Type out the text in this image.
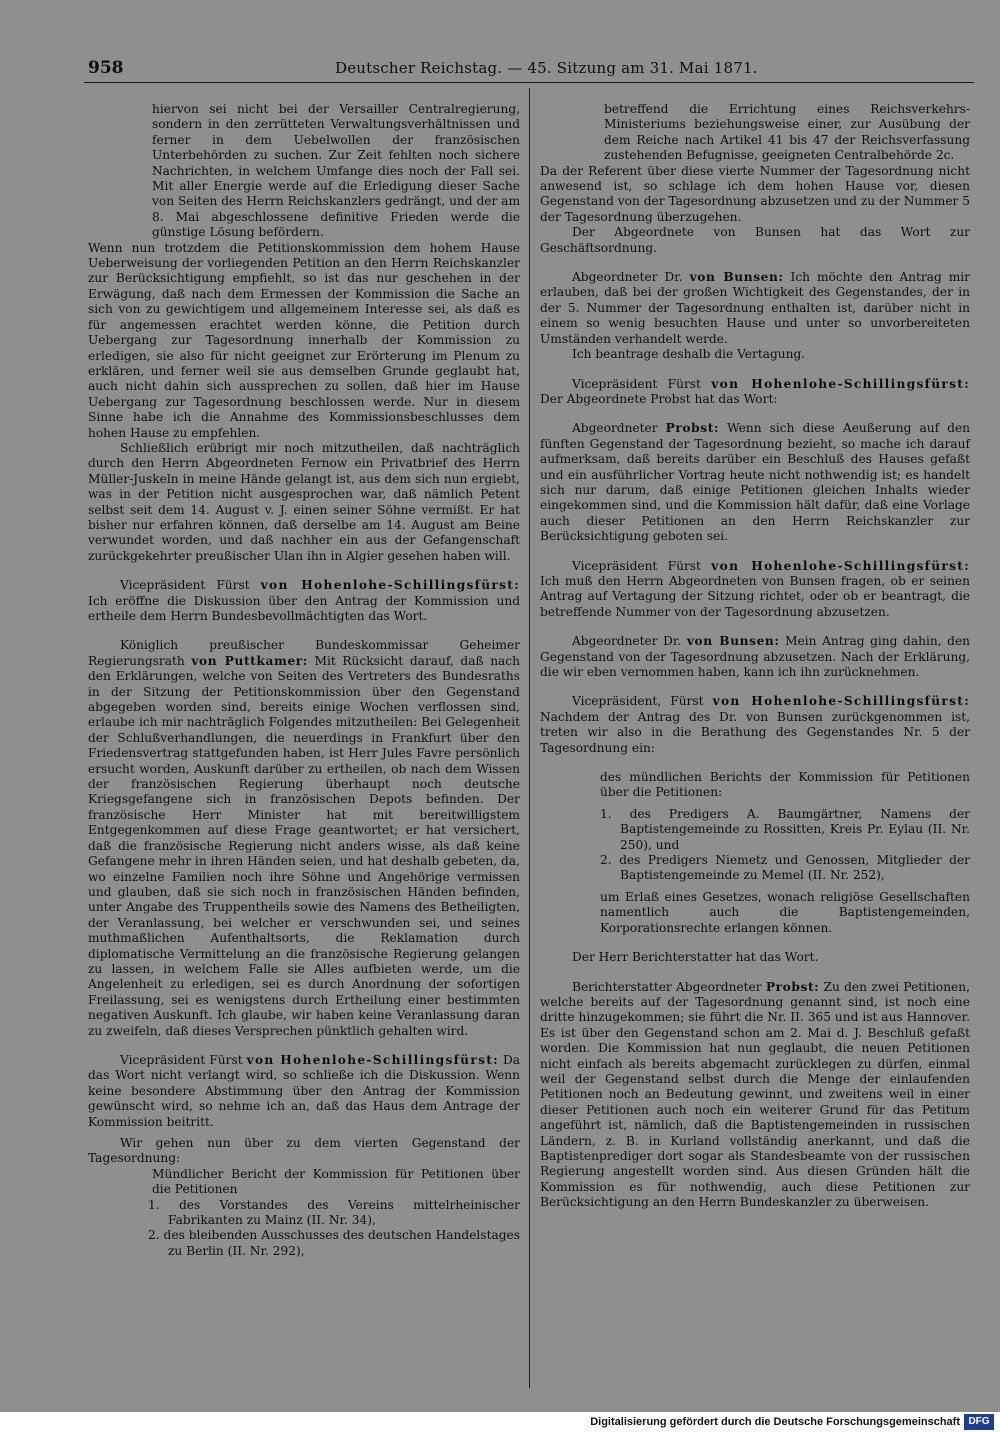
958	Deutscher Reichstag. — 45. Sitzung am 31. Mai 1871.

hiervon sei nicht bei der Versailler Centralregierung, sondern in den zerrütteten Verwaltungsverhältnissen und ferner in dem Uebelwollen der französischen Unterbehörden zu suchen. Zur Zeit fehlten noch sichere Nachrichten, in welchem Umfange dies noch der Fall sei. Mit aller Energie werde auf die Erledigung dieser Sache von Seiten des Herrn Reichskanzlers gedrängt, und der am 8. Mai abgeschlossene definitive Frieden werde die günstige Lösung befördern.

Wenn nun trotzdem die Petitionskommission dem hohem Hause Ueberweisung der vorliegenden Petition an den Herrn Reichskanzler zur Berücksichtigung empfiehlt, so ist das nur geschehen in der Erwägung, daß nach dem Ermessen der Kommission die Sache an sich von zu gewichtigem und allgemeinem Interesse sei, als daß es für angemessen erachtet werden könne, die Petition durch Uebergang zur Tagesordnung innerhalb der Kommission zu erledigen, sie also für nicht geeignet zur Erörterung im Plenum zu erklären, und ferner weil sie aus demselben Grunde geglaubt hat, auch nicht dahin sich aussprechen zu sollen, daß hier im Hause Uebergang zur Tagesordnung beschlossen werde. Nur in diesem Sinne habe ich die Annahme des Kommissionsbeschlusses dem hohen Hause zu empfehlen.

Schließlich erübrigt mir noch mitzutheilen, daß nachträglich durch den Herrn Abgeordneten Fernow ein Privatbrief des Herrn Müller-Juskeln in meine Hände gelangt ist, aus dem sich nun ergiebt, was in der Petition nicht ausgesprochen war, daß nämlich Petent selbst seit dem 14. August v. J. einen seiner Söhne vermißt. Er hat bisher nur erfahren können, daß derselbe am 14. August am Beine verwundet worden, und daß nachher ein aus der Gefangenschaft zurückgekehrter preußischer Ulan ihn in Algier gesehen haben will.

Vicepräsident Fürst von Hohenlohe-Schillingsfürst: Ich eröffne die Diskussion über den Antrag der Kommission und ertheile dem Herrn Bundesbevollmächtigten das Wort.

Königlich preußischer Bundeskommissar Geheimer Regierungsrath von Puttkamer: Mit Rücksicht darauf, daß nach den Erklärungen, welche von Seiten des Vertreters des Bundesraths in der Sitzung der Petitionskommission über den Gegenstand abgegeben worden sind, bereits einige Wochen verflossen sind, erlaube ich mir nachträglich Folgendes mitzutheilen: Bei Gelegenheit der Schlußverhandlungen, die neuerdings in Frankfurt über den Friedensvertrag stattgefunden haben, ist Herr Jules Favre persönlich ersucht worden, Auskunft darüber zu ertheilen, ob nach dem Wissen der französischen Regierung überhaupt noch deutsche Kriegsgefangene sich in französischen Depots befinden. Der französische Herr Minister hat mit bereitwilligstem Entgegenkommen auf diese Frage geantwortet; er hat versichert, daß die französische Regierung nicht anders wisse, als daß keine Gefangene mehr in ihren Händen seien, und hat deshalb gebeten, da, wo einzelne Familien noch ihre Söhne und Angehörige vermissen und glauben, daß sie sich noch in französischen Händen befinden, unter Angabe des Truppentheils sowie des Namens des Betheiligten, der Veranlassung, bei welcher er verschwunden sei, und seines muthmaßlichen Aufenthaltsorts, die Reklamation durch diplomatische Vermittelung an die französische Regierung gelangen zu lassen, in welchem Falle sie Alles aufbieten werde, um die Angelenheit zu erledigen, sei es durch Anordnung der sofortigen Freilassung, sei es wenigstens durch Ertheilung einer bestimmten negativen Auskunft. Ich glaube, wir haben keine Veranlassung daran zu zweifeln, daß dieses Versprechen pünktlich gehalten wird.

Vicepräsident Fürst von Hohenlohe-Schillingsfürst: Da das Wort nicht verlangt wird, so schließe ich die Diskussion. Wenn keine besondere Abstimmung über den Antrag der Kommission gewünscht wird, so nehme ich an, daß das Haus dem Antrage der Kommission beitritt.

Wir gehen nun über zu dem vierten Gegenstand der Tagesordnung:

Mündlicher Bericht der Kommission für Petitionen über die Petitionen

1. des Vorstandes des Vereins mittelrheinischer Fabrikanten zu Mainz (II. Nr. 34),

2. des bleibenden Ausschusses des deutschen Handelstages zu Berlin (II. Nr. 292),

betreffend die Errichtung eines Reichsverkehrs-Ministeriums beziehungsweise einer, zur Ausübung der dem Reiche nach Artikel 41 bis 47 der Reichsverfassung zustehenden Befugnisse, geeigneten Centralbehörde 2c.

Da der Referent über diese vierte Nummer der Tagesordnung nicht anwesend ist, so schlage ich dem hohen Hause vor, diesen Gegenstand von der Tagesordnung abzusetzen und zu der Nummer 5 der Tagesordnung überzugehen.

Der Abgeordnete von Bunsen hat das Wort zur Geschäftsordnung.

Abgeordneter Dr. von Bunsen: Ich möchte den Antrag mir erlauben, daß bei der großen Wichtigkeit des Gegenstandes, der in der 5. Nummer der Tagesordnung enthalten ist, darüber nicht in einem so wenig besuchten Hause und unter so unvorbereiteten Umständen verhandelt werde.

Ich beantrage deshalb die Vertagung.

Vicepräsident Fürst von Hohenlohe-Schillingsfürst: Der Abgeordnete Probst hat das Wort:

Abgeordneter Probst: Wenn sich diese Aeußerung auf den fünften Gegenstand der Tagesordnung bezieht, so mache ich darauf aufmerksam, daß bereits darüber ein Beschluß des Hauses gefaßt und ein ausführlicher Vortrag heute nicht nothwendig ist; es handelt sich nur darum, daß einige Petitionen gleichen Inhalts wieder eingekommen sind, und die Kommission hält dafür, daß eine Vorlage auch dieser Petitionen an den Herrn Reichskanzler zur Berücksichtigung geboten sei.

Vicepräsident Fürst von Hohenlohe-Schillingsfürst: Ich muß den Herrn Abgeordneten von Bunsen fragen, ob er seinen Antrag auf Vertagung der Sitzung richtet, oder ob er beantragt, die betreffende Nummer von der Tagesordnung abzusetzen.

Abgeordneter Dr. von Bunsen: Mein Antrag ging dahin, den Gegenstand von der Tagesordnung abzusetzen. Nach der Erklärung, die wir eben vernommen haben, kann ich ihn zurücknehmen.

Vicepräsident, Fürst von Hohenlohe-Schillingsfürst: Nachdem der Antrag des Dr. von Bunsen zurückgenommen ist, treten wir also in die Berathung des Gegenstandes Nr. 5 der Tagesordnung ein:

des mündlichen Berichts der Kommission für Petitionen über die Petitionen:

1. des Predigers A. Baumgärtner, Namens der Baptistengemeinde zu Rossitten, Kreis Pr. Eylau (II. Nr. 250), und

2. des Predigers Niemetz und Genossen, Mitglieder der Baptistengemeinde zu Memel (II. Nr. 252),

um Erlaß eines Gesetzes, wonach religiöse Gesellschaften namentlich auch die Baptistengemeinden, Korporationsrechte erlangen können.

Der Herr Berichterstatter hat das Wort.

Berichterstatter Abgeordneter Probst: Zu den zwei Petitionen, welche bereits auf der Tagesordnung genannt sind, ist noch eine dritte hinzugekommen; sie führt die Nr. II. 365 und ist aus Hannover. Es ist über den Gegenstand schon am 2. Mai d. J. Beschluß gefaßt worden. Die Kommission hat nun geglaubt, die neuen Petitionen nicht einfach als bereits abgemacht zurücklegen zu dürfen, einmal weil der Gegenstand selbst durch die Menge der einlaufenden Petitionen noch an Bedeutung gewinnt, und zweitens weil in einer dieser Petitionen auch noch ein weiterer Grund für das Petitum angeführt ist, nämlich, daß die Baptistengemeinden in russischen Ländern, z. B. in Kurland vollständig anerkannt, und daß die Baptistenprediger dort sogar als Standesbeamte von der russischen Regierung angestellt worden sind. Aus diesen Gründen hält die Kommission es für nothwendig, auch diese Petitionen zur Berücksichtigung an den Herrn Bundeskanzler zu überweisen.

Digitalisierung gefördert durch die Deutsche Forschungsgemeinschaft DFG
